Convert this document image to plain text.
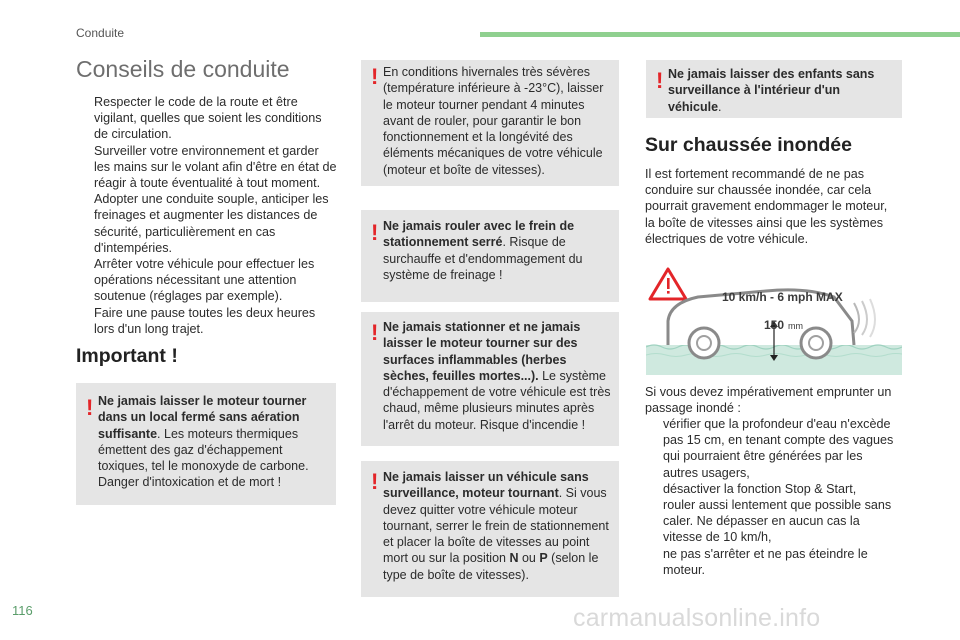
Conduite
Conseils de conduite
Respecter le code de la route et être vigilant, quelles que soient les conditions de circulation.
Surveiller votre environnement et garder les mains sur le volant afin d'être en état de réagir à toute éventualité à tout moment.
Adopter une conduite souple, anticiper les freinages et augmenter les distances de sécurité, particulièrement en cas d'intempéries.
Arrêter votre véhicule pour effectuer les opérations nécessitant une attention soutenue (réglages par exemple).
Faire une pause toutes les deux heures lors d'un long trajet.
Important !
! Ne jamais laisser le moteur tourner dans un local fermé sans aération suffisante. Les moteurs thermiques émettent des gaz d'échappement toxiques, tel le monoxyde de carbone. Danger d'intoxication et de mort !
! En conditions hivernales très sévères (température inférieure à -23°C), laisser le moteur tourner pendant 4 minutes avant de rouler, pour garantir le bon fonctionnement et la longévité des éléments mécaniques de votre véhicule (moteur et boîte de vitesses).
! Ne jamais rouler avec le frein de stationnement serré. Risque de surchauffe et d'endommagement du système de freinage !
! Ne jamais stationner et ne jamais laisser le moteur tourner sur des surfaces inflammables (herbes sèches, feuilles mortes...). Le système d'échappement de votre véhicule est très chaud, même plusieurs minutes après l'arrêt du moteur. Risque d'incendie !
! Ne jamais laisser un véhicule sans surveillance, moteur tournant. Si vous devez quitter votre véhicule moteur tournant, serrer le frein de stationnement et placer la boîte de vitesses au point mort ou sur la position N ou P (selon le type de boîte de vitesses).
! Ne jamais laisser des enfants sans surveillance à l'intérieur d'un véhicule.
Sur chaussée inondée
Il est fortement recommandé de ne pas conduire sur chaussée inondée, car cela pourrait gravement endommager le moteur, la boîte de vitesses ainsi que les systèmes électriques de votre véhicule.
10 km/h - 6 mph MAX
150 mm
Si vous devez impérativement emprunter un passage inondé :
vérifier que la profondeur d'eau n'excède pas 15 cm, en tenant compte des vagues qui pourraient être générées par les autres usagers,
désactiver la fonction Stop & Start,
rouler aussi lentement que possible sans caler. Ne dépasser en aucun cas la vitesse de 10 km/h,
ne pas s'arrêter et ne pas éteindre le moteur.
116	carmanualsonline.info
